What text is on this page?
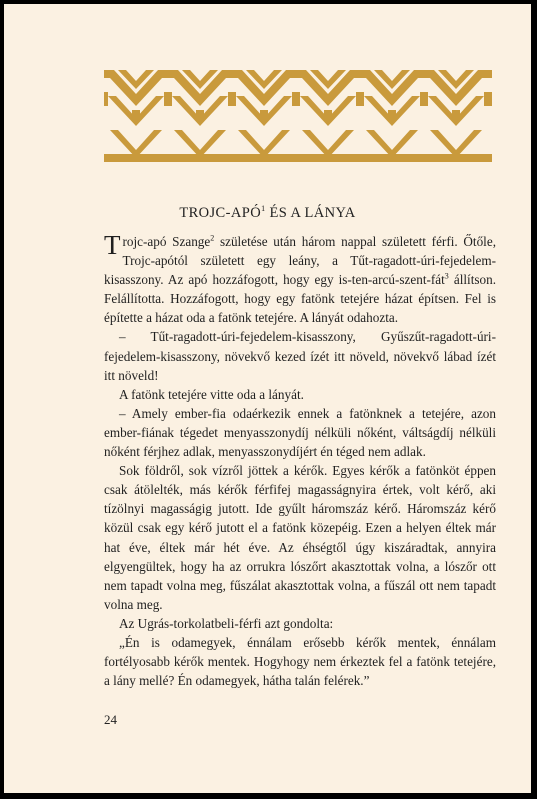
TROJC-APÓ$^1$ ÉS A LÁNYA

Trojc-apó Szange$^2$ születése után három nappal született férfi. Őtőle, Trojc-apótól született egy leány, a Tűt-ragadott-úri-fejedelem-kisasszony. Az apó hozzáfogott, hogy egy is-ten-arcú-szent-fát$^3$ állítson. Felállította. Hozzáfogott, hogy egy fatönk tetejére házat építsen. Fel is építette a házat oda a fatönk tetejére. A lányát odahozta.

– Tűt-ragadott-úri-fejedelem-kisasszony, Gyűszűt-ragadott-úri-fejedelem-kisasszony, növekvő kezed ízét itt növeld, növekvő lábad ízét itt növeld!

A fatönk tetejére vitte oda a lányát.

– Amely ember-fia odaérkezik ennek a fatönknek a tetejére, azon ember-fiának tégedet menyasszonydíj nélküli nőként, váltságdíj nélküli nőként férjhez adlak, menyasszonydíjért én téged nem adlak.

Sok földről, sok vízről jöttek a kérők. Egyes kérők a fatönköt éppen csak átölelték, más kérők férfifej magasságnyira értek, volt kérő, aki tízölnyi magasságig jutott. Ide gyűlt háromszáz kérő. Háromszáz kérő közül csak egy kérő jutott el a fatönk közepéig. Ezen a helyen éltek már hat éve, éltek már hét éve. Az éhségtől úgy kiszáradtak, annyira elgyengültek, hogy ha az orrukra lószőrt akasztottak volna, a lószőr ott nem tapadt volna meg, fűszálat akasztottak volna, a fűszál ott nem tapadt volna meg.

Az Ugrás-torkolatbeli-férfi azt gondolta:

„Én is odamegyek, énnálam erősebb kérők mentek, énnálam fortélyosabb kérők mentek. Hogyhogy nem érkeztek fel a fatönk tetejére, a lány mellé? Én odamegyek, hátha talán felérek.”

24
